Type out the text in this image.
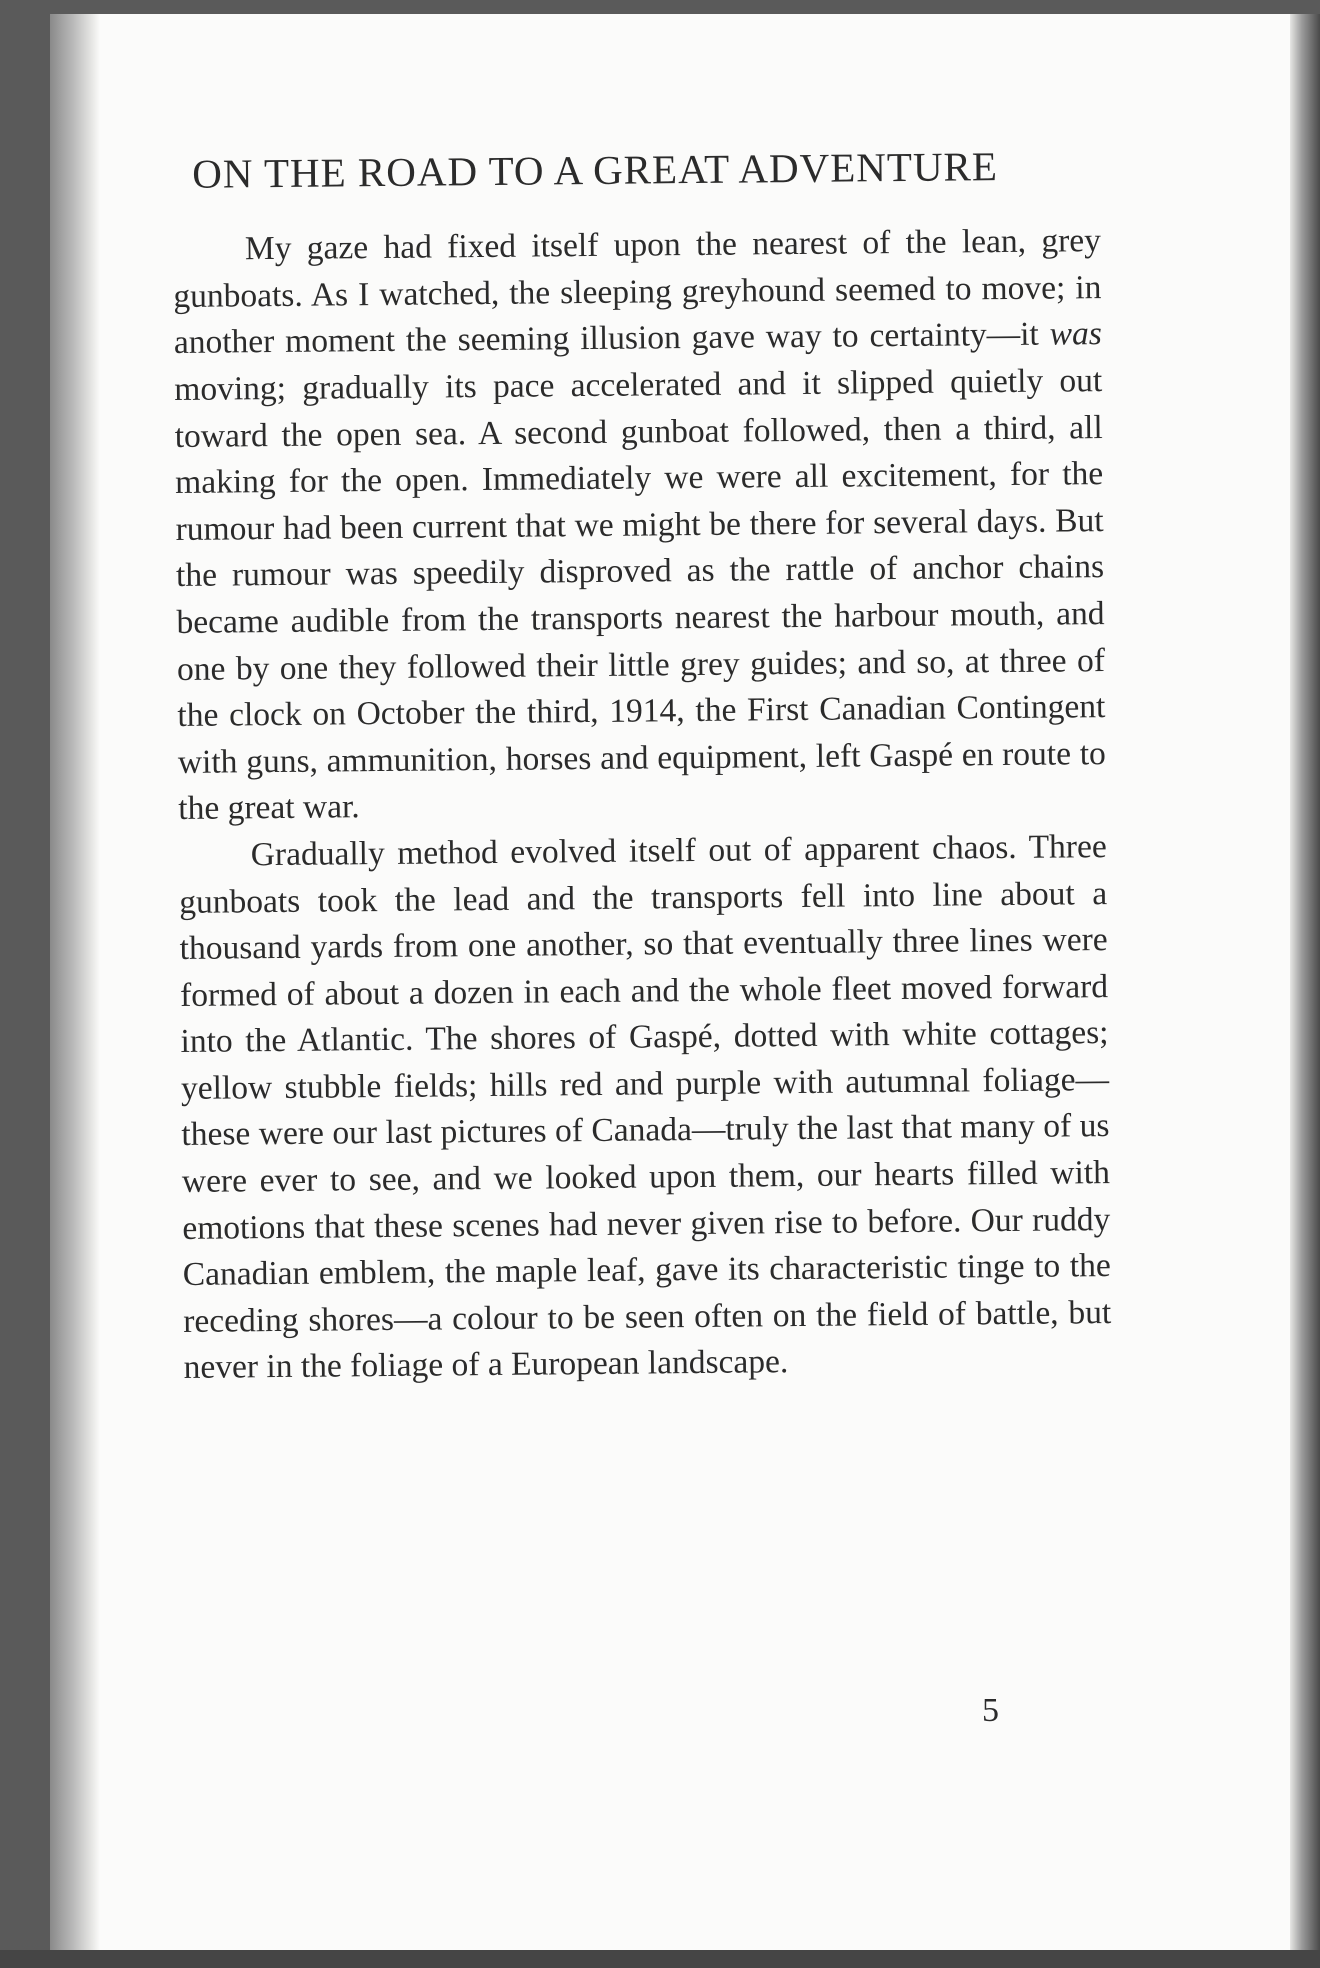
ON THE ROAD TO A GREAT ADVENTURE

My gaze had fixed itself upon the nearest of the lean, grey gunboats. As I watched, the sleeping greyhound seemed to move; in another moment the seeming illusion gave way to certainty—it was moving; gradually its pace accelerated and it slipped quietly out toward the open sea. A second gunboat followed, then a third, all making for the open. Immediately we were all excitement, for the rumour had been current that we might be there for several days. But the rumour was speedily disproved as the rattle of anchor chains became audible from the transports nearest the harbour mouth, and one by one they followed their little grey guides; and so, at three of the clock on October the third, 1914, the First Canadian Contingent with guns, ammunition, horses and equipment, left Gaspé en route to the great war.

Gradually method evolved itself out of apparent chaos. Three gunboats took the lead and the transports fell into line about a thousand yards from one another, so that eventually three lines were formed of about a dozen in each and the whole fleet moved forward into the Atlantic. The shores of Gaspé, dotted with white cottages; yellow stubble fields; hills red and purple with autumnal foliage—these were our last pictures of Canada—truly the last that many of us were ever to see, and we looked upon them, our hearts filled with emotions that these scenes had never given rise to before. Our ruddy Canadian emblem, the maple leaf, gave its characteristic tinge to the receding shores—a colour to be seen often on the field of battle, but never in the foliage of a European landscape.

5
